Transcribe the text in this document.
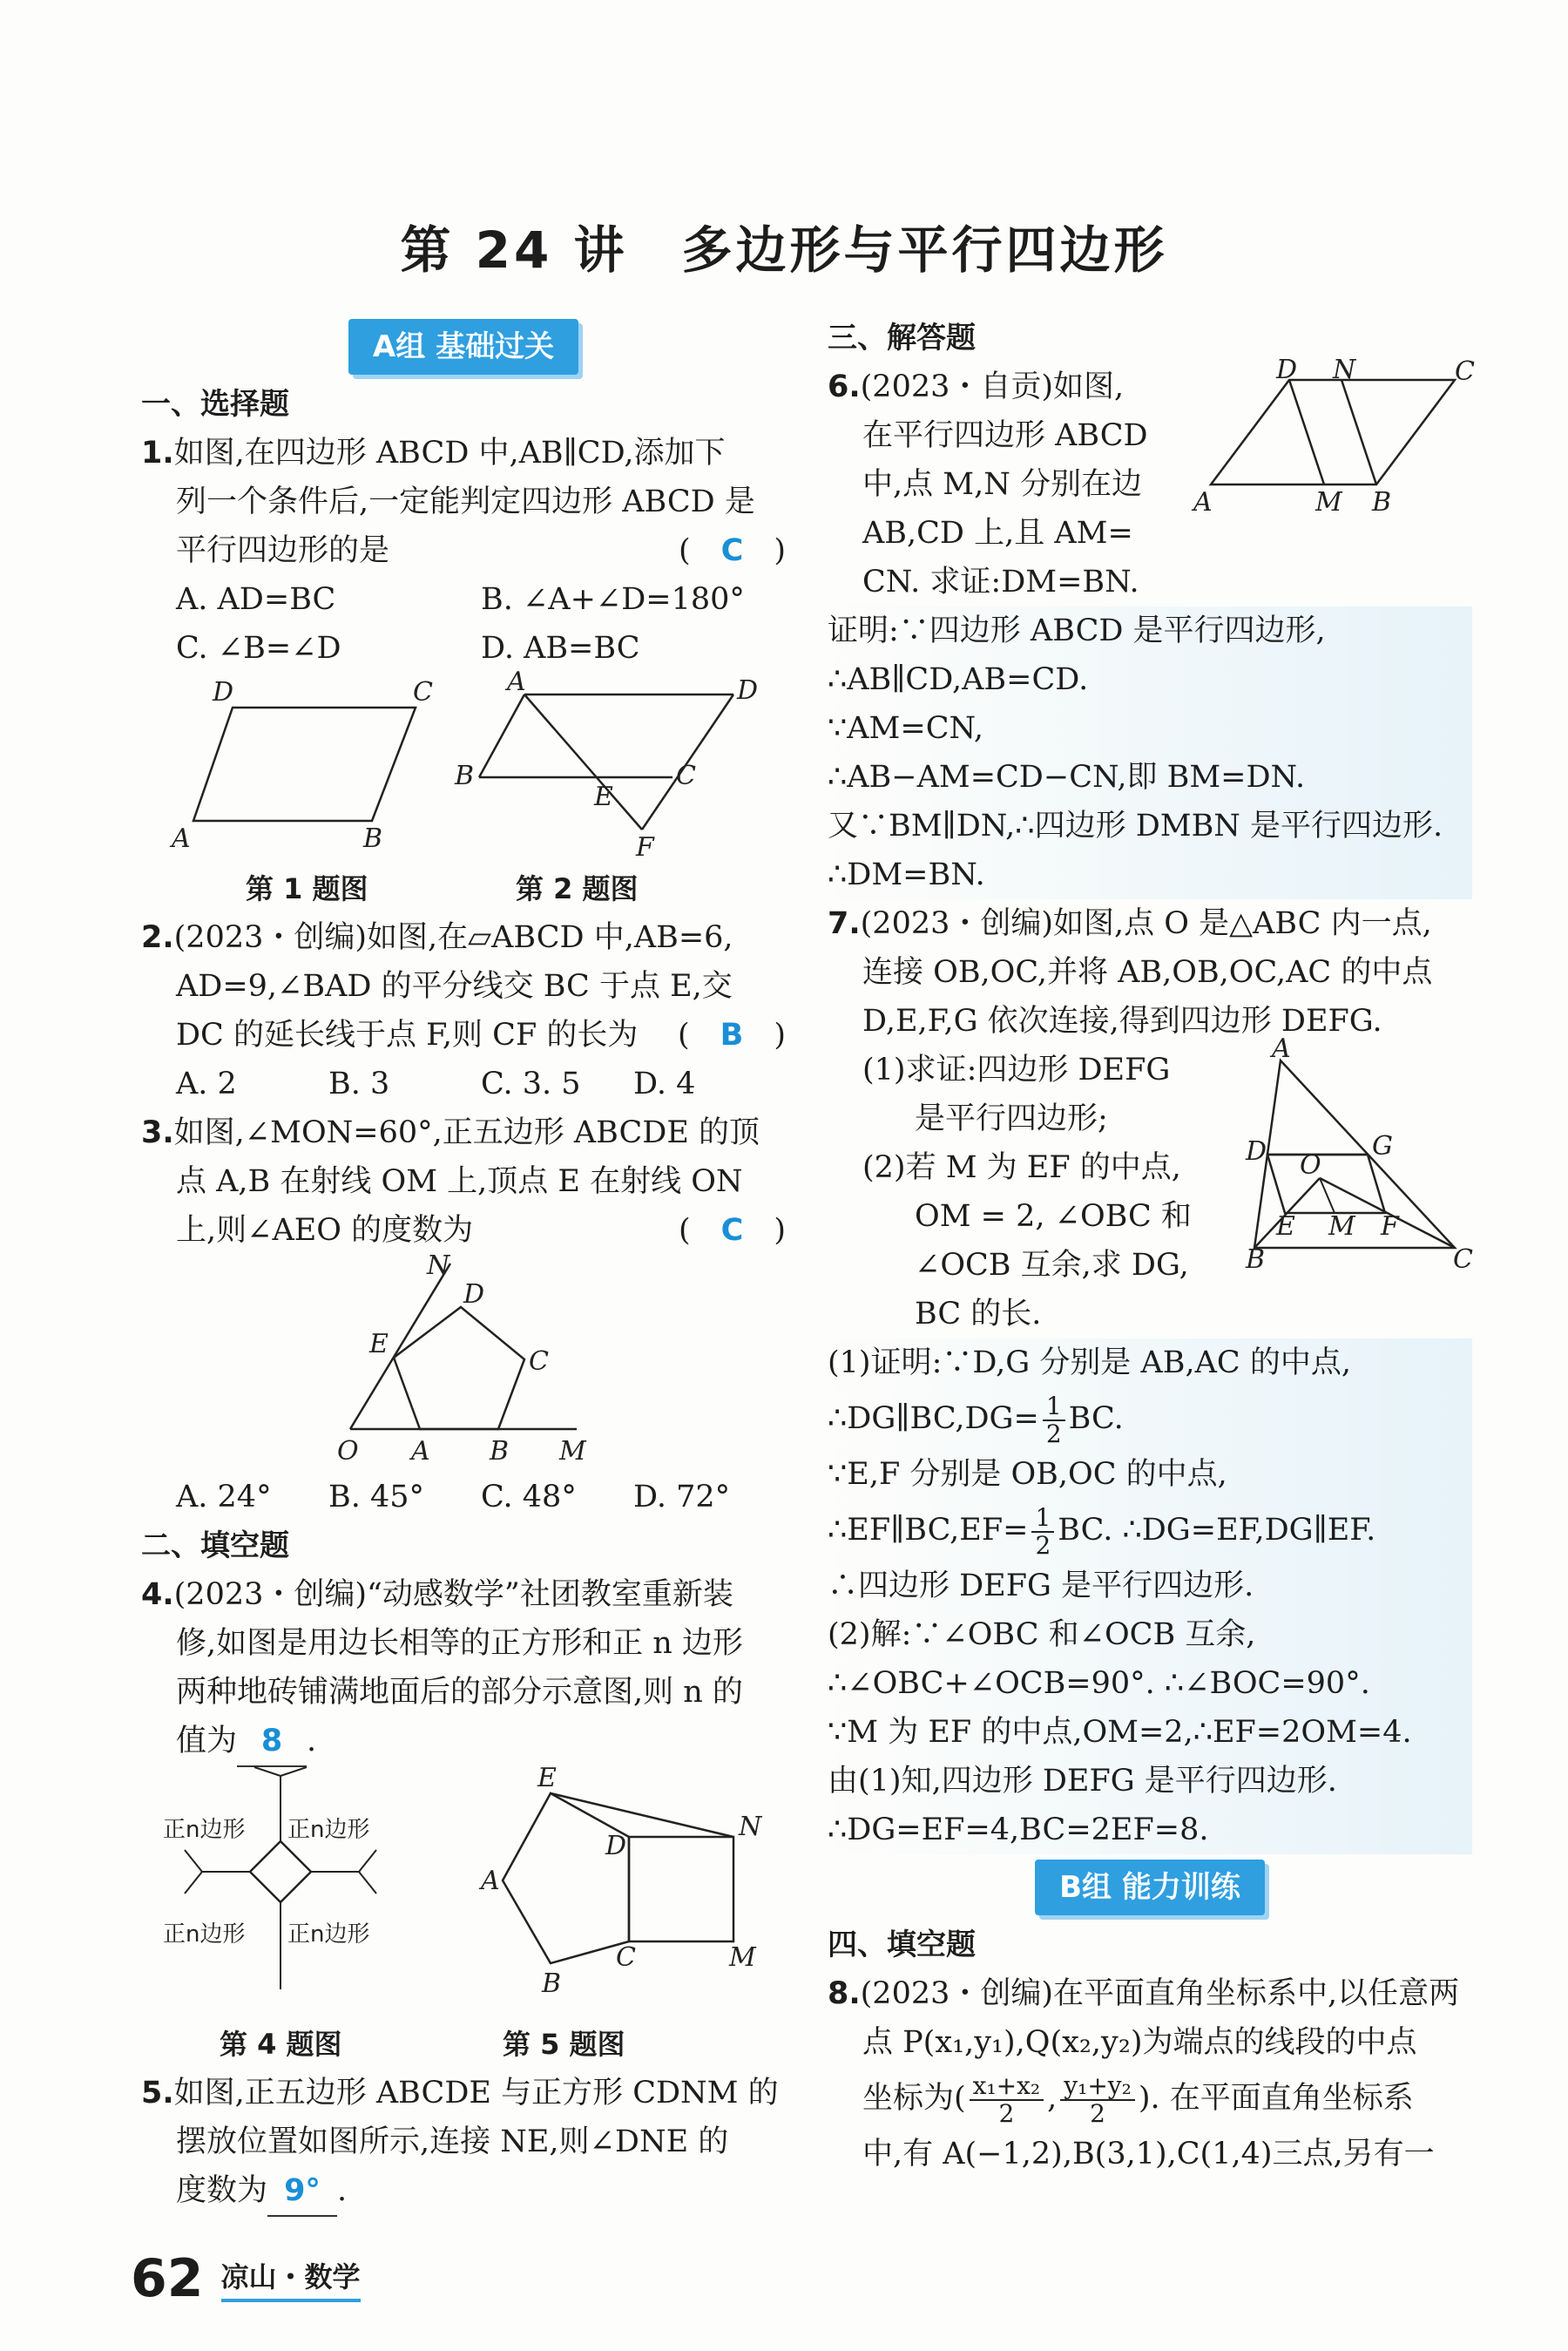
第 24 讲　多边形与平行四边形
A组 基础过关
一、选择题
1.如图,在四边形 ABCD 中,AB∥CD,添加下
列一个条件后,一定能判定四边形 ABCD 是
平行四边形的是	(　C　)
A. AD=BC	B. ∠A+∠D=180°
C. ∠B=∠D	D. AB=BC
A	B
C
D	A	D
B	C
E
F
第 1 题图	第 2 题图
2.(2023・创编)如图,在▱ABCD 中,AB=6,
AD=9,∠BAD 的平分线交 BC 于点 E,交
DC 的延长线于点 F,则 CF 的长为 (　B　)
A. 2	B. 3	C. 3. 5	D. 4
3.如图,∠MON=60°,正五边形 ABCDE 的顶
点 A,B 在射线 OM 上,顶点 E 在射线 ON
上,则∠AEO 的度数为	(　C　)
O A B M
C
D
E
N
A. 24°	B. 45°	C. 48°	D. 72°
二、填空题
4.(2023・创编)“动感数学”社团教室重新装
修,如图是用边长相等的正方形和正 n 边形
两种地砖铺满地面后的部分示意图,则 n 的
值为 8 .
正n边形 正n边形
正n边形 正n边形
E
D
N
A
B
C	M
第 4 题图	第 5 题图
5.如图,正五边形 ABCDE 与正方形 CDNM 的
摆放位置如图所示,连接 NE,则∠DNE 的
度数为 9° .
三、解答题
6.(2023・自贡)如图,
在平行四边形 ABCD
中,点 M,N 分别在边
AB,CD 上,且 AM=
CN. 求证:DM=BN.
A	M B
C
D N
证明:∵四边形 ABCD 是平行四边形,
∴AB∥CD,AB=CD.
∵AM=CN,
∴AB−AM=CD−CN,即 BM=DN.
又∵BM∥DN,∴四边形 DMBN 是平行四边形.
∴DM=BN.
7.(2023・创编)如图,点 O 是△ABC 内一点,
连接 OB,OC,并将 AB,OB,OC,AC 的中点
D,E,F,G 依次连接,得到四边形 DEFG.
(1)求证:四边形 DEFG
是平行四边形;
(2)若 M 为 EF 的中点,
OM = 2, ∠OBC 和
∠OCB 互余,求 DG,
BC 的长.
A
D	G
O
E M F
B	C
(1)证明:∵D,G 分别是 AB,AC 的中点,
∴DG∥BC,DG= $\frac{1}{2}$ BC.
∵E,F 分别是 OB,OC 的中点,
∴EF∥BC,EF= $\frac{1}{2}$ BC. ∴DG=EF,DG∥EF.
∴四边形 DEFG 是平行四边形.
(2)解:∵∠OBC 和∠OCB 互余,
∴∠OBC+∠OCB=90°. ∴∠BOC=90°.
∵M 为 EF 的中点,OM=2,∴EF=2OM=4.
由(1)知,四边形 DEFG 是平行四边形.
∴DG=EF=4,BC=2EF=8.
B组 能力训练
四、填空题
8.(2023・创编)在平面直角坐标系中,以任意两
点 P(x₁,y₁),Q(x₂,y₂)为端点的线段的中点
坐标为( $\frac{\text{x₁+x₂}}{2}$ , $\frac{\text{y₁+y₂}}{2}$ ). 在平面直角坐标系
中,有 A(−1,2),B(3,1),C(1,4)三点,另有一
62 凉山・数学
